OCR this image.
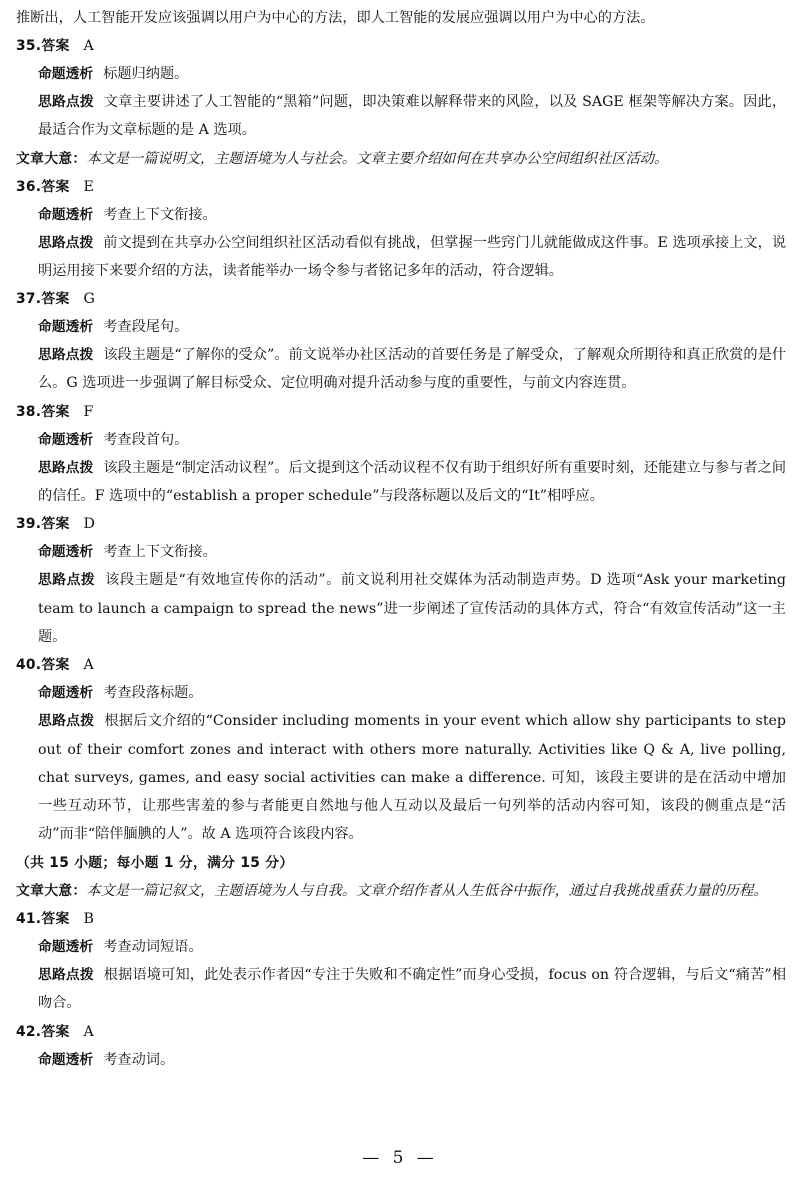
推断出，人工智能开发应该强调以用户为中心的方法，即人工智能的发展应强调以用户为中心的方法。
35.答案 A
命题透析 标题归纳题。
思路点拨 文章主要讲述了人工智能的“黑箱”问题，即决策难以解释带来的风险，以及 SAGE 框架等解决方案。因此，最适合作为文章标题的是 A 选项。
文章大意：本文是一篇说明文，主题语境为人与社会。文章主要介绍如何在共享办公空间组织社区活动。
36.答案 E
命题透析 考查上下文衔接。
思路点拨 前文提到在共享办公空间组织社区活动看似有挑战，但掌握一些窍门儿就能做成这件事。E 选项承接上文，说明运用接下来要介绍的方法，读者能举办一场令参与者铭记多年的活动，符合逻辑。
37.答案 G
命题透析 考查段尾句。
思路点拨 该段主题是“了解你的受众”。前文说举办社区活动的首要任务是了解受众，了解观众所期待和真正欣赏的是什么。G 选项进一步强调了解目标受众、定位明确对提升活动参与度的重要性，与前文内容连贯。
38.答案 F
命题透析 考查段首句。
思路点拨 该段主题是“制定活动议程”。后文提到这个活动议程不仅有助于组织好所有重要时刻，还能建立与参与者之间的信任。F 选项中的“establish a proper schedule”与段落标题以及后文的“It”相呼应。
39.答案 D
命题透析 考查上下文衔接。
思路点拨 该段主题是“有效地宣传你的活动”。前文说利用社交媒体为活动制造声势。D 选项“Ask your marketing team to launch a campaign to spread the news”进一步阐述了宣传活动的具体方式，符合“有效宣传活动”这一主题。
40.答案 A
命题透析 考查段落标题。
思路点拨 根据后文介绍的“Consider including moments in your event which allow shy participants to step out of their comfort zones and interact with others more naturally. Activities like Q & A, live polling, chat surveys, games, and easy social activities can make a difference. 可知，该段主要讲的是在活动中增加一些互动环节，让那些害羞的参与者能更自然地与他人互动以及最后一句列举的活动内容可知，该段的侧重点是“活动”而非“陪伴腼腆的人”。故 A 选项符合该段内容。
（共 15 小题；每小题 1 分，满分 15 分）
文章大意：本文是一篇记叙文，主题语境为人与自我。文章介绍作者从人生低谷中振作，通过自我挑战重获力量的历程。
41.答案 B
命题透析 考查动词短语。
思路点拨 根据语境可知，此处表示作者因“专注于失败和不确定性”而身心受损，focus on 符合逻辑，与后文“痛苦”相吻合。
42.答案 A
命题透析 考查动词。
— 5 —
